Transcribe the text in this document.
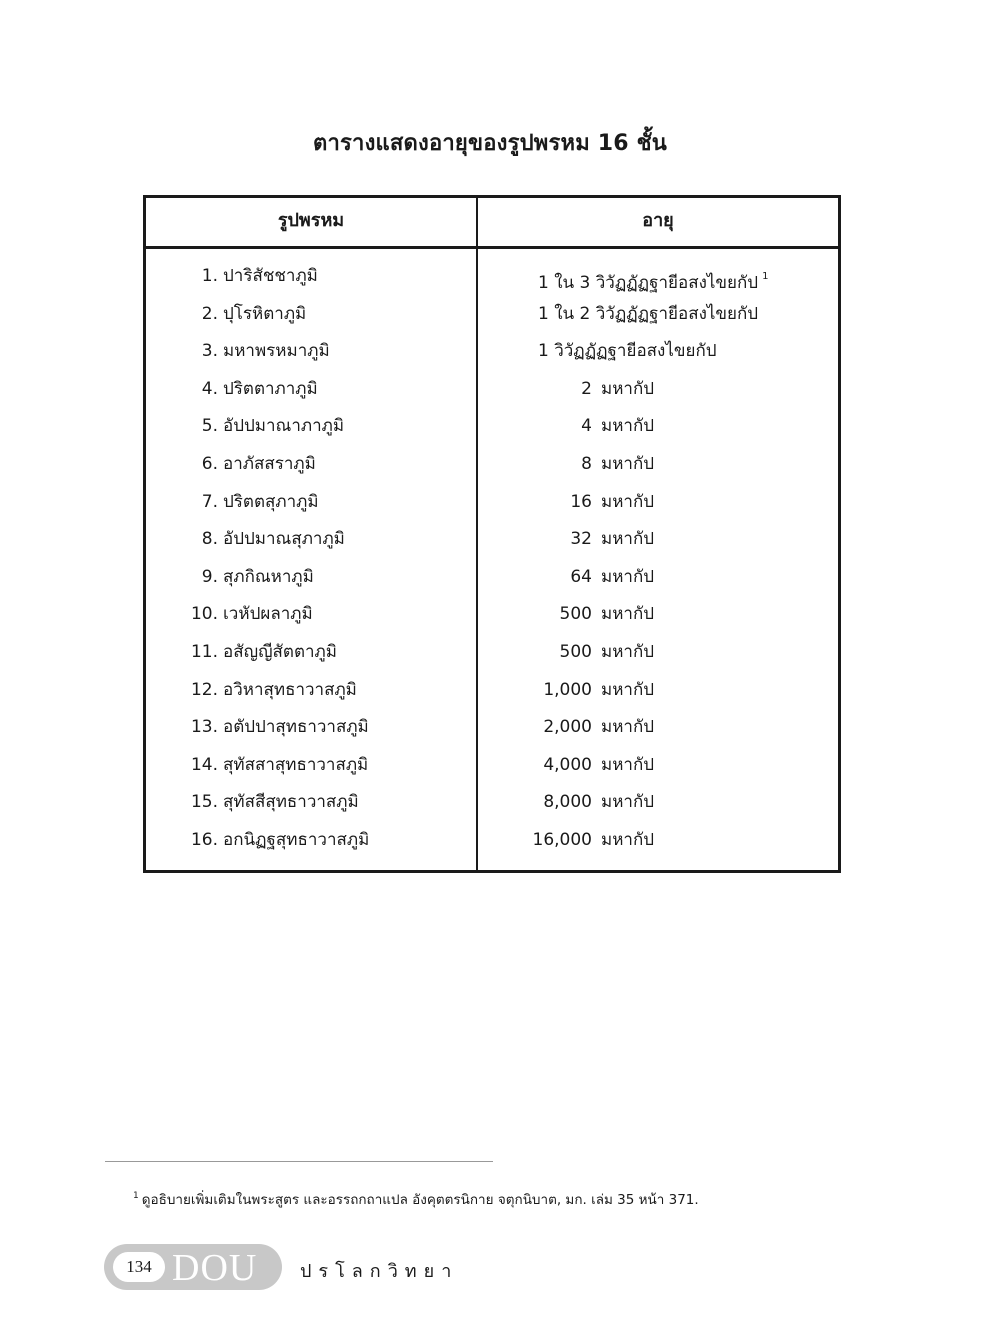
ตารางแสดงอายุของรูปพรหม 16 ชั้น
รูปพรหม	อายุ
1. ปาริสัชชาภูมิ	1 ใน 3 วิวัฏฏัฏฐายีอสงไขยกัป $^1$
2. ปุโรหิตาภูมิ	1 ใน 2 วิวัฏฏัฏฐายีอสงไขยกัป
3. มหาพรหมาภูมิ	1 วิวัฏฏัฏฐายีอสงไขยกัป
4. ปริตตาภาภูมิ	2 มหากัป
5. อัปปมาณาภาภูมิ	4 มหากัป
6. อาภัสสราภูมิ	8 มหากัป
7. ปริตตสุภาภูมิ	16 มหากัป
8. อัปปมาณสุภาภูมิ	32 มหากัป
9. สุภกิณหาภูมิ	64 มหากัป
10. เวหัปผลาภูมิ	500 มหากัป
11. อสัญญีสัตตาภูมิ	500 มหากัป
12. อวิหาสุทธาวาสภูมิ	1,000 มหากัป
13. อตัปปาสุทธาวาสภูมิ	2,000 มหากัป
14. สุทัสสาสุทธาวาสภูมิ	4,000 มหากัป
15. สุทัสสีสุทธาวาสภูมิ	8,000 มหากัป
16. อกนิฏฐสุทธาวาสภูมิ	16,000 มหากัป
$^1$ ดูอธิบายเพิ่มเติมในพระสูตร และอรรถกถาแปล อังคุตตรนิกาย จตุกนิบาต, มก. เล่ม 35 หน้า 371.
134 DOU ปรโลกวิทยา
